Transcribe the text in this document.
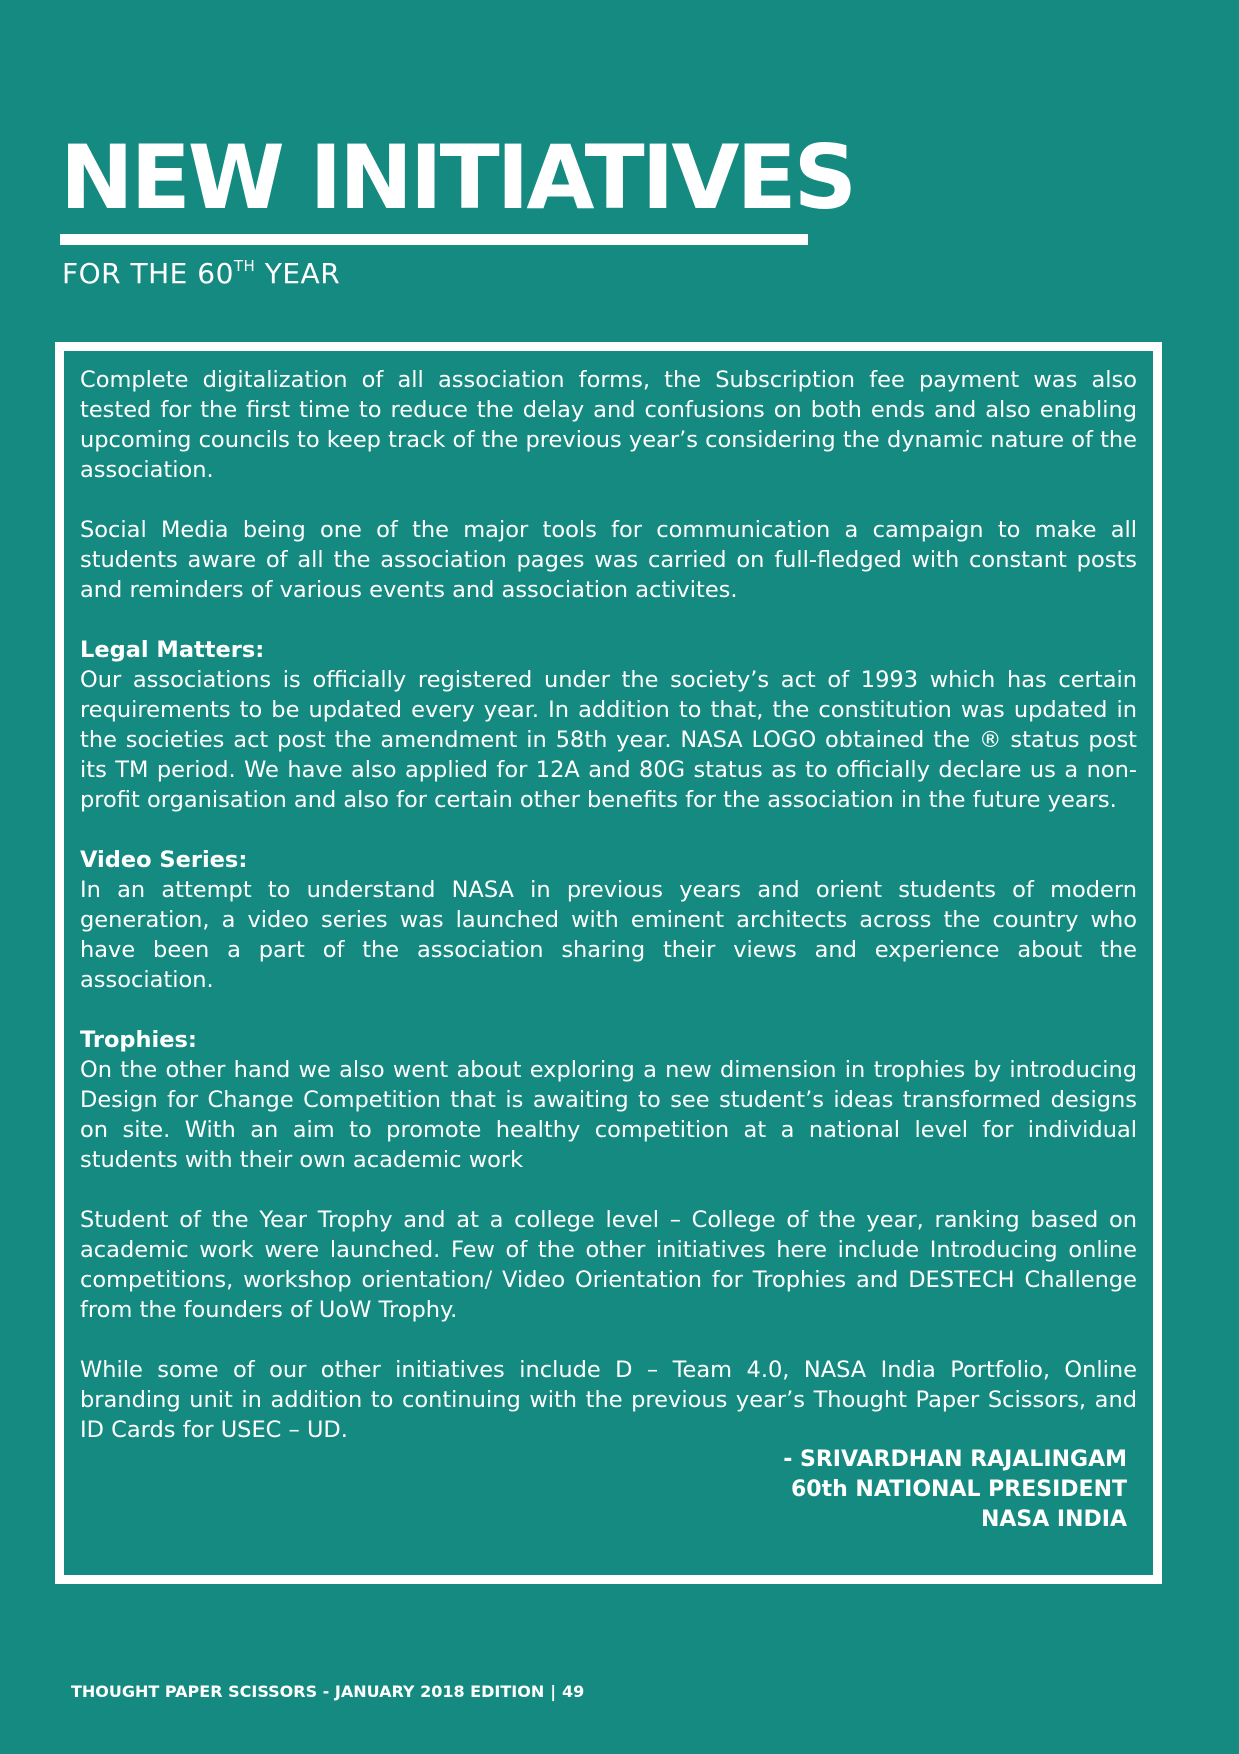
NEW INITIATIVES
FOR THE 60TH YEAR

Complete digitalization of all association forms, the Subscription fee payment was also tested for the first time to reduce the delay and confusions on both ends and also enabling upcoming councils to keep track of the previous year’s considering the dynamic nature of the association.

Social Media being one of the major tools for communication a campaign to make all students aware of all the association pages was carried on full-fledged with constant posts and reminders of various events and association activites.

Legal Matters:
Our associations is officially registered under the society’s act of 1993 which has certain requirements to be updated every year. In addition to that, the constitution was updated in the societies act post the amendment in 58th year. NASA LOGO obtained the ® status post its TM period. We have also applied for 12A and 80G status as to officially declare us a non-profit organisation and also for certain other benefits for the association in the future years.

Video Series:
In an attempt to understand NASA in previous years and orient students of modern generation, a video series was launched with eminent architects across the country who have been a part of the association sharing their views and experience about the association.

Trophies:
On the other hand we also went about exploring a new dimension in trophies by introducing Design for Change Competition that is awaiting to see student’s ideas transformed designs on site. With an aim to promote healthy competition at a national level for individual students with their own academic work

Student of the Year Trophy and at a college level – College of the year, ranking based on academic work were launched. Few of the other initiatives here include Introducing online competitions, workshop orientation/ Video Orientation for Trophies and DESTECH Challenge from the founders of UoW Trophy.

While some of our other initiatives include D – Team 4.0, NASA India Portfolio, Online branding unit in addition to continuing with the previous year’s Thought Paper Scissors, and ID Cards for USEC – UD.

- SRIVARDHAN RAJALINGAM
60th NATIONAL PRESIDENT
NASA INDIA
THOUGHT PAPER SCISSORS - JANUARY 2018 EDITION | 49
